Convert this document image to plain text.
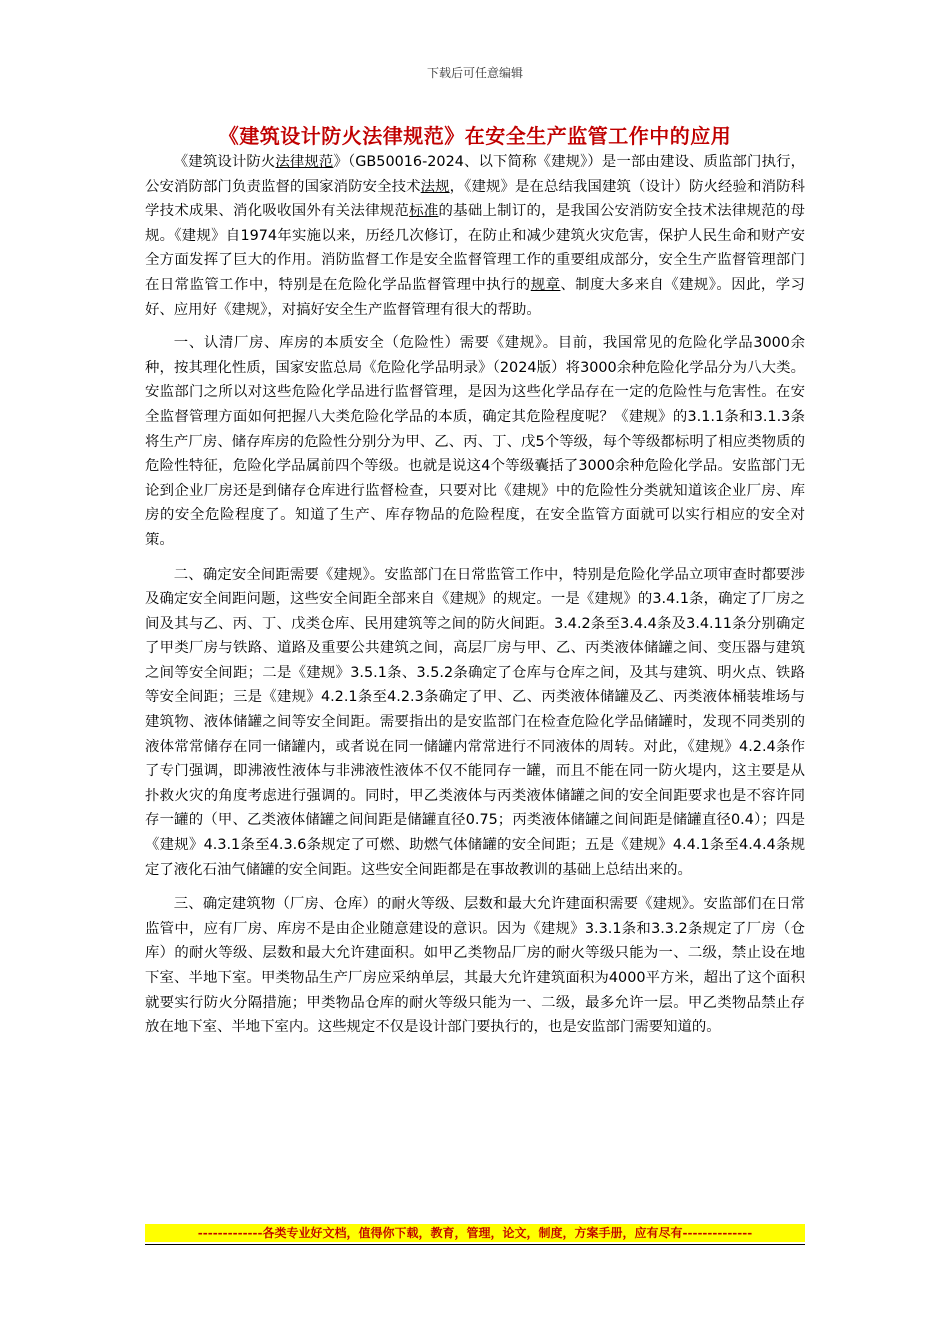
下载后可任意编辑
《建筑设计防火法律规范》在安全生产监管工作中的应用

《建筑设计防火法律规范》（GB50016-2024、以下简称《建规》）是一部由建设、质监部门执行，公安消防部门负责监督的国家消防安全技术法规，《建规》是在总结我国建筑（设计）防火经验和消防科学技术成果、消化吸收国外有关法律规范标准的基础上制订的，是我国公安消防安全技术法律规范的母规。《建规》自1974年实施以来，历经几次修订，在防止和减少建筑火灾危害，保护人民生命和财产安全方面发挥了巨大的作用。消防监督工作是安全监督管理工作的重要组成部分，安全生产监督管理部门在日常监管工作中，特别是在危险化学品监督管理中执行的规章、制度大多来自《建规》。因此，学习好、应用好《建规》，对搞好安全生产监督管理有很大的帮助。

一、认清厂房、库房的本质安全（危险性）需要《建规》。目前，我国常见的危险化学品3000余种，按其理化性质，国家安监总局《危险化学品明录》（2024版）将3000余种危险化学品分为八大类。安监部门之所以对这些危险化学品进行监督管理，是因为这些化学品存在一定的危险性与危害性。在安全监督管理方面如何把握八大类危险化学品的本质，确定其危险程度呢？《建规》的3.1.1条和3.1.3条将生产厂房、储存库房的危险性分别分为甲、乙、丙、丁、戊5个等级，每个等级都标明了相应类物质的危险性特征，危险化学品属前四个等级。也就是说这4个等级囊括了3000余种危险化学品。安监部门无论到企业厂房还是到储存仓库进行监督检查，只要对比《建规》中的危险性分类就知道该企业厂房、库房的安全危险程度了。知道了生产、库存物品的危险程度，在安全监管方面就可以实行相应的安全对策。

二、确定安全间距需要《建规》。安监部门在日常监管工作中，特别是危险化学品立项审查时都要涉及确定安全间距问题，这些安全间距全部来自《建规》的规定。一是《建规》的3.4.1条，确定了厂房之间及其与乙、丙、丁、戊类仓库、民用建筑等之间的防火间距。3.4.2条至3.4.4条及3.4.11条分别确定了甲类厂房与铁路、道路及重要公共建筑之间，高层厂房与甲、乙、丙类液体储罐之间、变压器与建筑之间等安全间距；二是《建规》3.5.1条、3.5.2条确定了仓库与仓库之间，及其与建筑、明火点、铁路等安全间距；三是《建规》4.2.1条至4.2.3条确定了甲、乙、丙类液体储罐及乙、丙类液体桶装堆场与建筑物、液体储罐之间等安全间距。需要指出的是安监部门在检查危险化学品储罐时，发现不同类别的液体常常储存在同一储罐内，或者说在同一储罐内常常进行不同液体的周转。对此，《建规》4.2.4条作了专门强调，即沸液性液体与非沸液性液体不仅不能同存一罐，而且不能在同一防火堤内，这主要是从扑救火灾的角度考虑进行强调的。同时，甲乙类液体与丙类液体储罐之间的安全间距要求也是不容许同存一罐的（甲、乙类液体储罐之间间距是储罐直径0.75；丙类液体储罐之间间距是储罐直径0.4）；四是《建规》4.3.1条至4.3.6条规定了可燃、助燃气体储罐的安全间距；五是《建规》4.4.1条至4.4.4条规定了液化石油气储罐的安全间距。这些安全间距都是在事故教训的基础上总结出来的。

三、确定建筑物（厂房、仓库）的耐火等级、层数和最大允许建面积需要《建规》。安监部们在日常监管中，应有厂房、库房不是由企业随意建设的意识。因为《建规》3.3.1条和3.3.2条规定了厂房（仓库）的耐火等级、层数和最大允许建面积。如甲乙类物品厂房的耐火等级只能为一、二级，禁止设在地下室、半地下室。甲类物品生产厂房应采纳单层，其最大允许建筑面积为4000平方米，超出了这个面积就要实行防火分隔措施；甲类物品仓库的耐火等级只能为一、二级，最多允许一层。甲乙类物品禁止存放在地下室、半地下室内。这些规定不仅是设计部门要执行的，也是安监部门需要知道的。

-------------各类专业好文档，值得你下载，教育，管理，论文，制度，方案手册，应有尽有--------------
